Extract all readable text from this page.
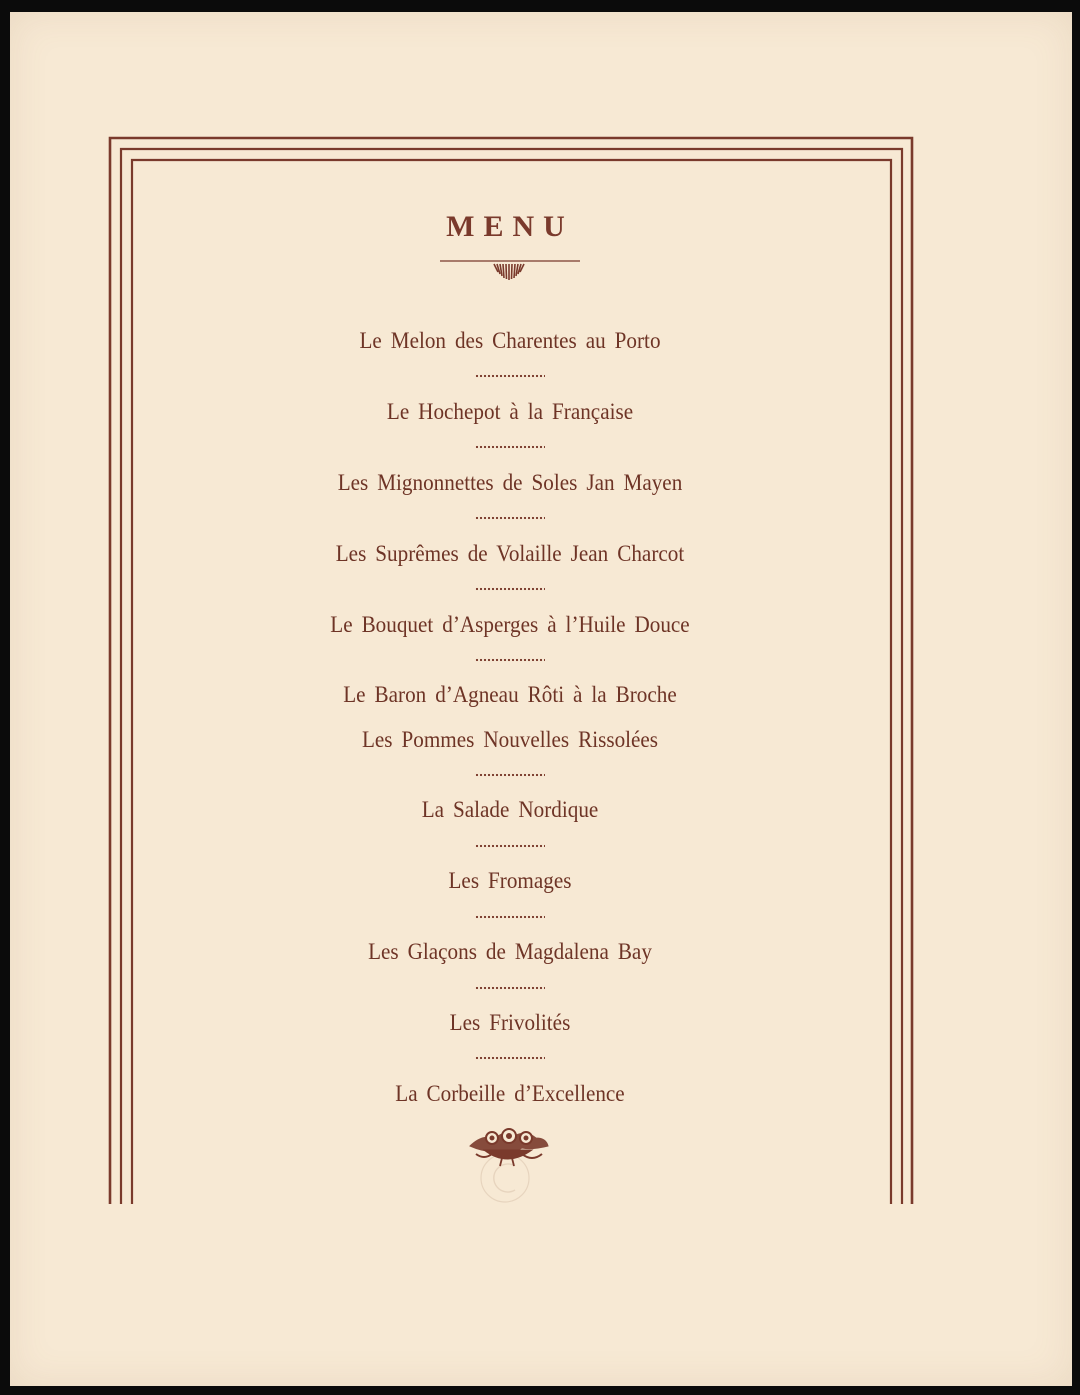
MENU
Le Melon des Charentes au Porto
Le Hochepot à la Française
Les Mignonnettes de Soles Jan Mayen
Les Suprêmes de Volaille Jean Charcot
Le Bouquet d’Asperges à l’Huile Douce
Le Baron d’Agneau Rôti à la Broche
Les Pommes Nouvelles Rissolées
La Salade Nordique
Les Fromages
Les Glaçons de Magdalena Bay
Les Frivolités
La Corbeille d’Excellence
